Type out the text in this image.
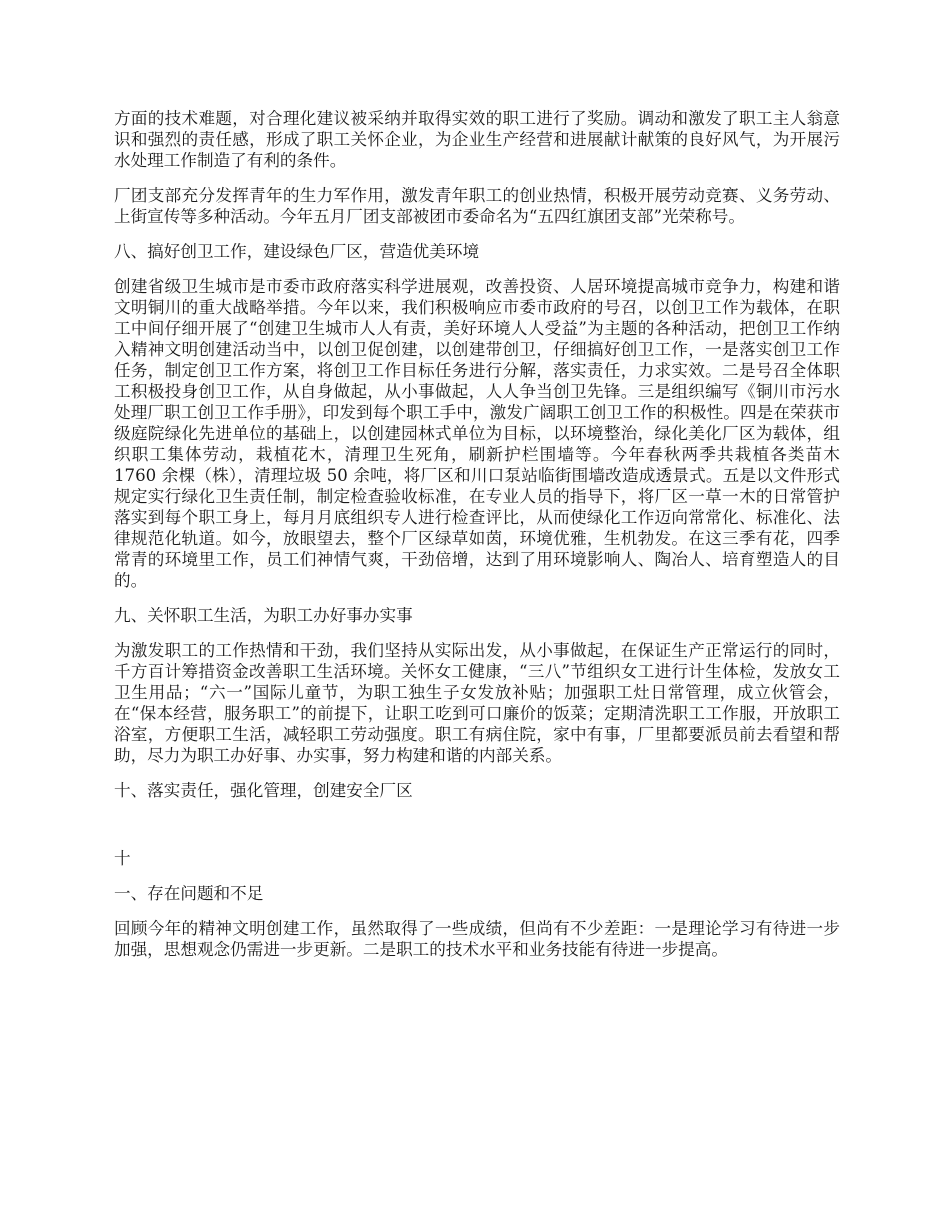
方面的技术难题，对合理化建议被采纳并取得实效的职工进行了奖励。调动和激发了职工主人翁意识和强烈的责任感，形成了职工关怀企业，为企业生产经营和进展献计献策的良好风气，为开展污水处理工作制造了有利的条件。

厂团支部充分发挥青年的生力军作用，激发青年职工的创业热情，积极开展劳动竞赛、义务劳动、上街宣传等多种活动。今年五月厂团支部被团市委命名为“五四红旗团支部”光荣称号。

八、搞好创卫工作，建设绿色厂区，营造优美环境

创建省级卫生城市是市委市政府落实科学进展观，改善投资、人居环境提高城市竞争力，构建和谐文明铜川的重大战略举措。今年以来，我们积极响应市委市政府的号召，以创卫工作为载体，在职工中间仔细开展了“创建卫生城市人人有责，美好环境人人受益”为主题的各种活动，把创卫工作纳入精神文明创建活动当中，以创卫促创建，以创建带创卫，仔细搞好创卫工作，一是落实创卫工作任务，制定创卫工作方案，将创卫工作目标任务进行分解，落实责任，力求实效。二是号召全体职工积极投身创卫工作，从自身做起，从小事做起，人人争当创卫先锋。三是组织编写《铜川市污水处理厂职工创卫工作手册》，印发到每个职工手中，激发广阔职工创卫工作的积极性。四是在荣获市级庭院绿化先进单位的基础上，以创建园林式单位为目标，以环境整治，绿化美化厂区为载体，组织职工集体劳动，栽植花木，清理卫生死角，刷新护栏围墙等。今年春秋两季共栽植各类苗木 1760 余棵（株），清理垃圾 50 余吨，将厂区和川口泵站临街围墙改造成透景式。五是以文件形式规定实行绿化卫生责任制，制定检查验收标准，在专业人员的指导下，将厂区一草一木的日常管护落实到每个职工身上，每月月底组织专人进行检查评比，从而使绿化工作迈向常常化、标准化、法律规范化轨道。如今，放眼望去，整个厂区绿草如茵，环境优雅，生机勃发。在这三季有花，四季常青的环境里工作，员工们神情气爽，干劲倍增，达到了用环境影响人、陶冶人、培育塑造人的目的。

九、关怀职工生活，为职工办好事办实事

为激发职工的工作热情和干劲，我们坚持从实际出发，从小事做起，在保证生产正常运行的同时，千方百计筹措资金改善职工生活环境。关怀女工健康，“三八”节组织女工进行计生体检，发放女工卫生用品；“六一”国际儿童节，为职工独生子女发放补贴；加强职工灶日常管理，成立伙管会，在“保本经营，服务职工”的前提下，让职工吃到可口廉价的饭菜；定期清洗职工工作服，开放职工浴室，方便职工生活，减轻职工劳动强度。职工有病住院，家中有事，厂里都要派员前去看望和帮助，尽力为职工办好事、办实事，努力构建和谐的内部关系。

十、落实责任，强化管理，创建安全厂区

十

一、存在问题和不足

回顾今年的精神文明创建工作，虽然取得了一些成绩，但尚有不少差距：一是理论学习有待进一步加强，思想观念仍需进一步更新。二是职工的技术水平和业务技能有待进一步提高。
